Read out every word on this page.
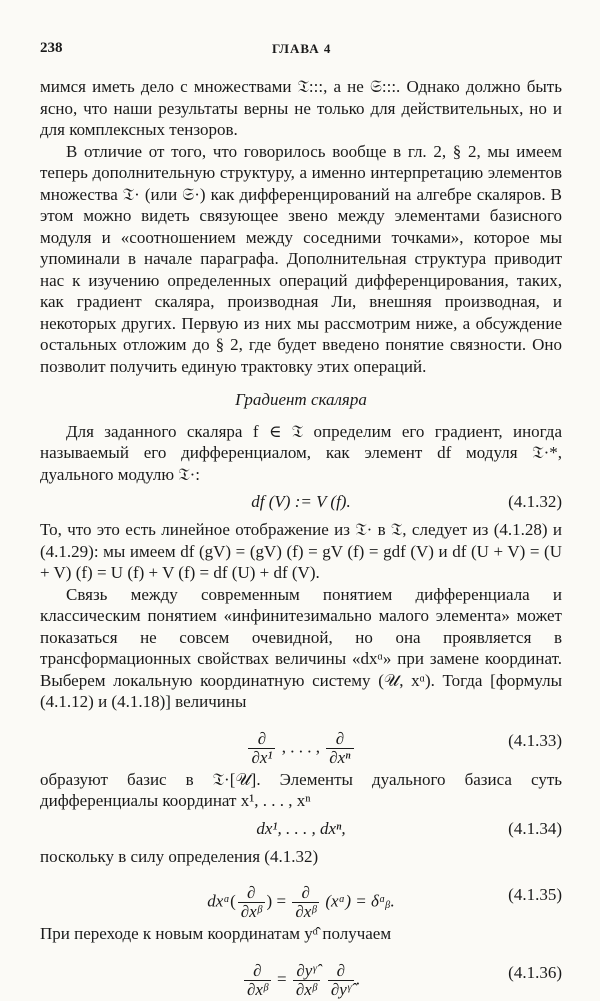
238	ГЛАВА 4

мимся иметь дело с множествами 𝔗:::, а не 𝔖:::. Однако должно быть ясно, что наши результаты верны не только для действительных, но и для комплексных тензоров.

В отличие от того, что говорилось вообще в гл. 2, § 2, мы имеем теперь дополнительную структуру, а именно интерпретацию элементов множества 𝔗· (или 𝔖·) как дифференцирований на алгебре скаляров. В этом можно видеть связующее звено между элементами базисного модуля и «соотношением между соседними точками», которое мы упоминали в начале параграфа. Дополнительная структура приводит нас к изучению определенных операций дифференцирования, таких, как градиент скаляра, производная Ли, внешняя производная, и некоторых других. Первую из них мы рассмотрим ниже, а обсуждение остальных отложим до § 2, где будет введено понятие связности. Оно позволит получить единую трактовку этих операций.

Градиент скаляра

Для заданного скаляра f ∈ 𝔗 определим его градиент, иногда называемый его дифференциалом, как элемент df модуля 𝔗·*, дуального модулю 𝔗·:

df (V) := V (f).	(4.1.32)

То, что это есть линейное отображение из 𝔗· в 𝔗, следует из (4.1.28) и (4.1.29): мы имеем df (gV) = (gV) (f) = gV (f) = gdf (V) и df (U + V) = (U + V) (f) = U (f) + V (f) = df (U) + df (V).

Связь между современным понятием дифференциала и классическим понятием «инфинитезимально малого элемента» может показаться не совсем очевидной, но она проявляется в трансформационных свойствах величины «dxᵅ» при замене координат. Выберем локальную координатную систему (𝒰, xᵅ). Тогда [формулы (4.1.12) и (4.1.18)] величины

$\frac{\partial}{\text{∂x¹}}$ , . . . , $\frac{\partial}{\text{∂xⁿ}}$	(4.1.33)

образуют базис в 𝔗·[𝒰]. Элементы дуального базиса суть дифференциалы координат x¹, . . . , xⁿ

dx¹, . . . , dxⁿ,	(4.1.34)

поскольку в силу определения (4.1.32)

dxᵅ( $\frac{\partial}{\text{∂xᵝ}}$ ) = $\frac{\partial}{\text{∂xᵝ}}$ (xᵅ) = δᵅᵦ.	(4.1.35)

При переходе к новым координатам yᵅ̂ получаем

$\frac{\partial}{\text{∂xᵝ}} = \frac{\text{∂yᵞ̂}}{\text{∂xᵝ}}$
$\frac{\partial}{\text{∂yᵞ̂}}$ .	(4.1.36)
